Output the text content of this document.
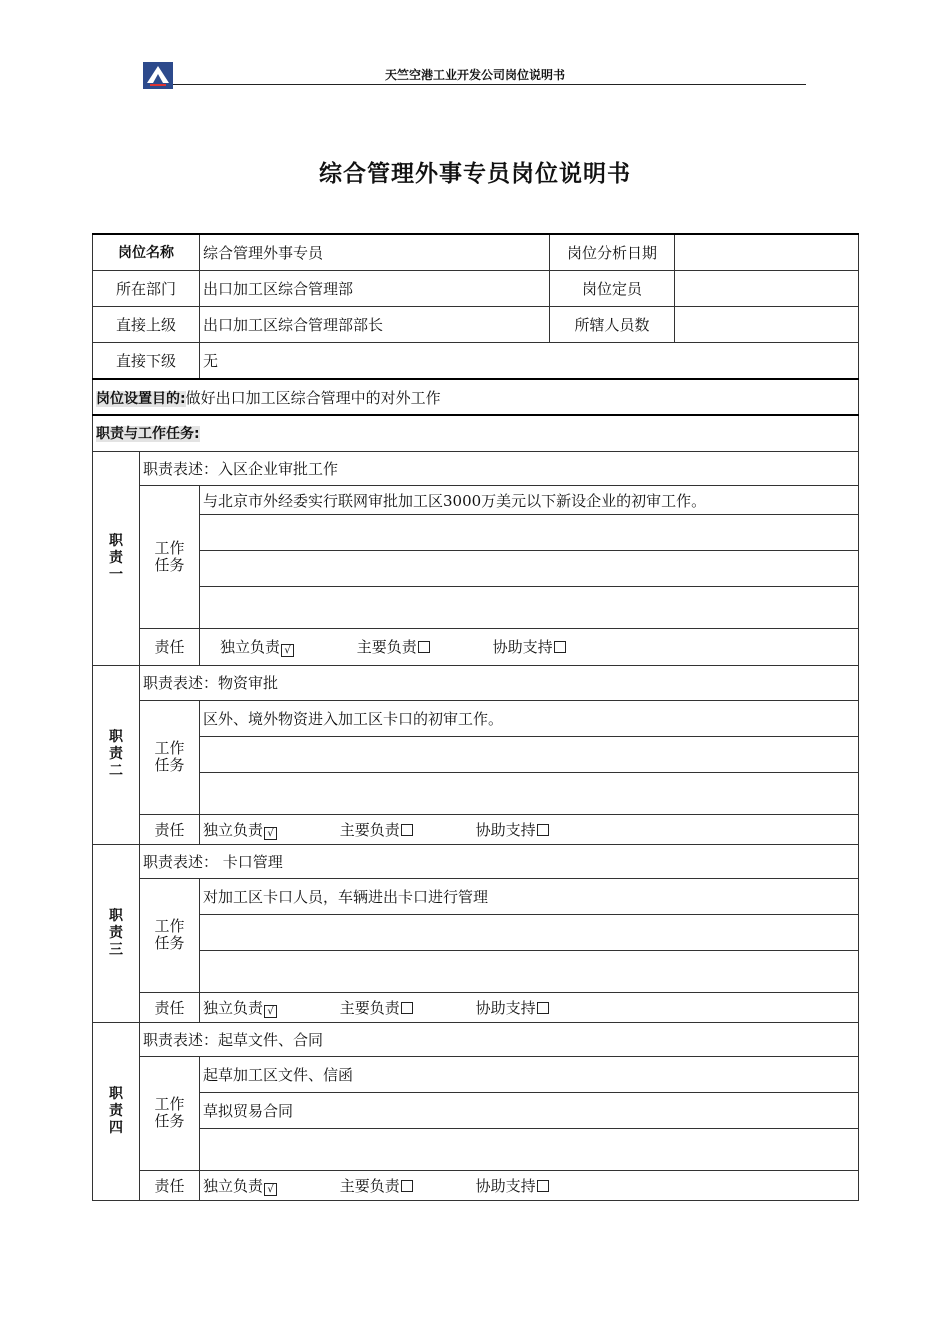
天竺空港工业开发公司岗位说明书
综合管理外事专员岗位说明书
岗位名称		综合管理外事专员	岗位分析日期	
所在部门		出口加工区综合管理部	岗位定员	
直接上级		出口加工区综合管理部部长	所辖人员数	
直接下级		无		
岗位设置目的:做好出口加工区综合管理中的对外工作				
职责与工作任务:				
职责一	职责表述：入区企业审批工作			
	工作任务	与北京市外经委实行联网审批加工区3000万美元以下新设企业的初审工作。		

	责任	独立负责 √ 主要负责 协助支持		
职责二	职责表述：物资审批			
	工作任务	区外、境外物资进入加工区卡口的初审工作。		

	责任	独立负责 √ 主要负责 协助支持		
职责三	职责表述： 卡口管理			
	工作任务	对加工区卡口人员，车辆进出卡口进行管理		

	责任	独立负责 √ 主要负责 协助支持		
职责四	职责表述：起草文件、合同			
	工作任务	起草加工区文件、信函		
		草拟贸易合同		

	责任	独立负责 √ 主要负责 协助支持		
